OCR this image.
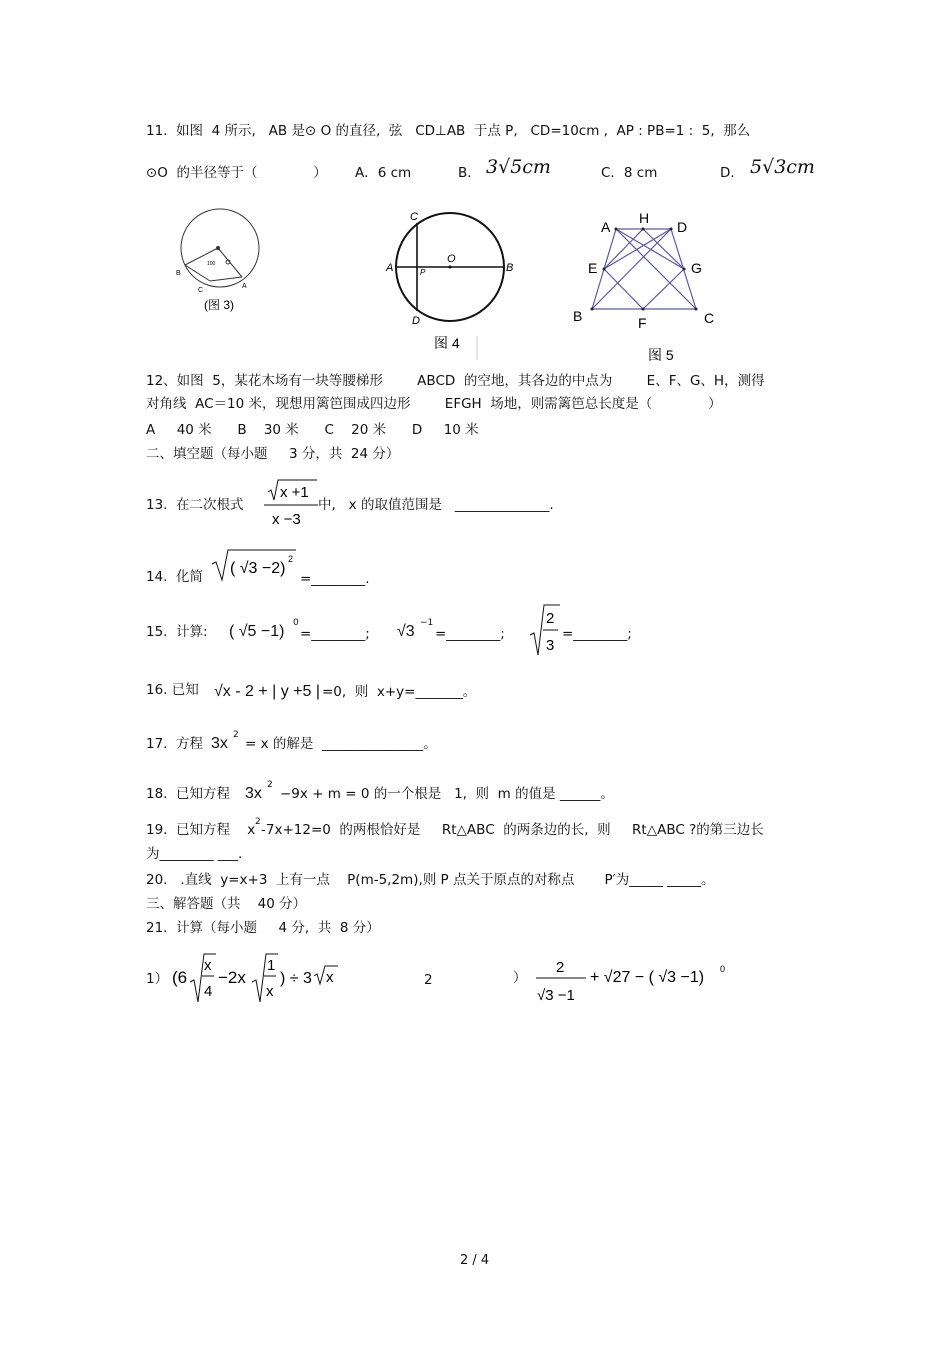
11.  如图  4 所示,   AB 是⊙ O 的直径,  弦   CD⊥AB  于点 P,   CD=10cm ,  AP : PB=1 :  5,  那么
⊙O  的半径等于（             ） A．6 cm	B． 3√5cm	C．8 cm	D． 5√3cm
100
B
C
A
(图 3)
C
A
O
P	B
D
图 4
A
H
D
E	G
B	F	C
图 5
12、如图  5，某花木场有一块等腰梯形        ABCD  的空地，其各边的中点为        E、F、G、H，测得
对角线  AC＝10 米，现想用篱笆围成四边形        EFGH  场地，则需篱笆总长度是（             ）
A     40 米      B    30 米      C    20 米      D     10 米
二、填空题（每小题     3 分，共  24 分）
13.  在二次根式
x +1
x −3
中,   x 的取值范围是   ______________.
14.  化简 ( √3 −2)
2
=________.
15.  计算: ( √5 −1) 0
=________; √3 −1
=________;
2
3
=________;
16. 已知 √x - 2 + | y +5 | =0,  则  x+y=_______。
17.  方程 3x 2
= x 的解是  _______________。
18.  已知方程 3x 2
−9x + m = 0 的一个根是   1,  则  m 的值是 ______。
19.  已知方程    x 2 -7x+12=0  的两根恰好是     Rt△ABC  的两条边的长,  则     Rt△ABC ?的第三边长
为________ ___.
20.   .直线  y=x+3  上有一点    P(m-5,2m),则 P 点关于原点的对称点       P′为_____ _____。
三、解答题（共    40 分）
21.  计算（每小题     4 分,  共  8 分）
1） (6
x
4
−2x
1
x
) ÷ 3 x	2	）
2
√3 −1
+ √27 − ( √3 −1) 0
2 / 4
